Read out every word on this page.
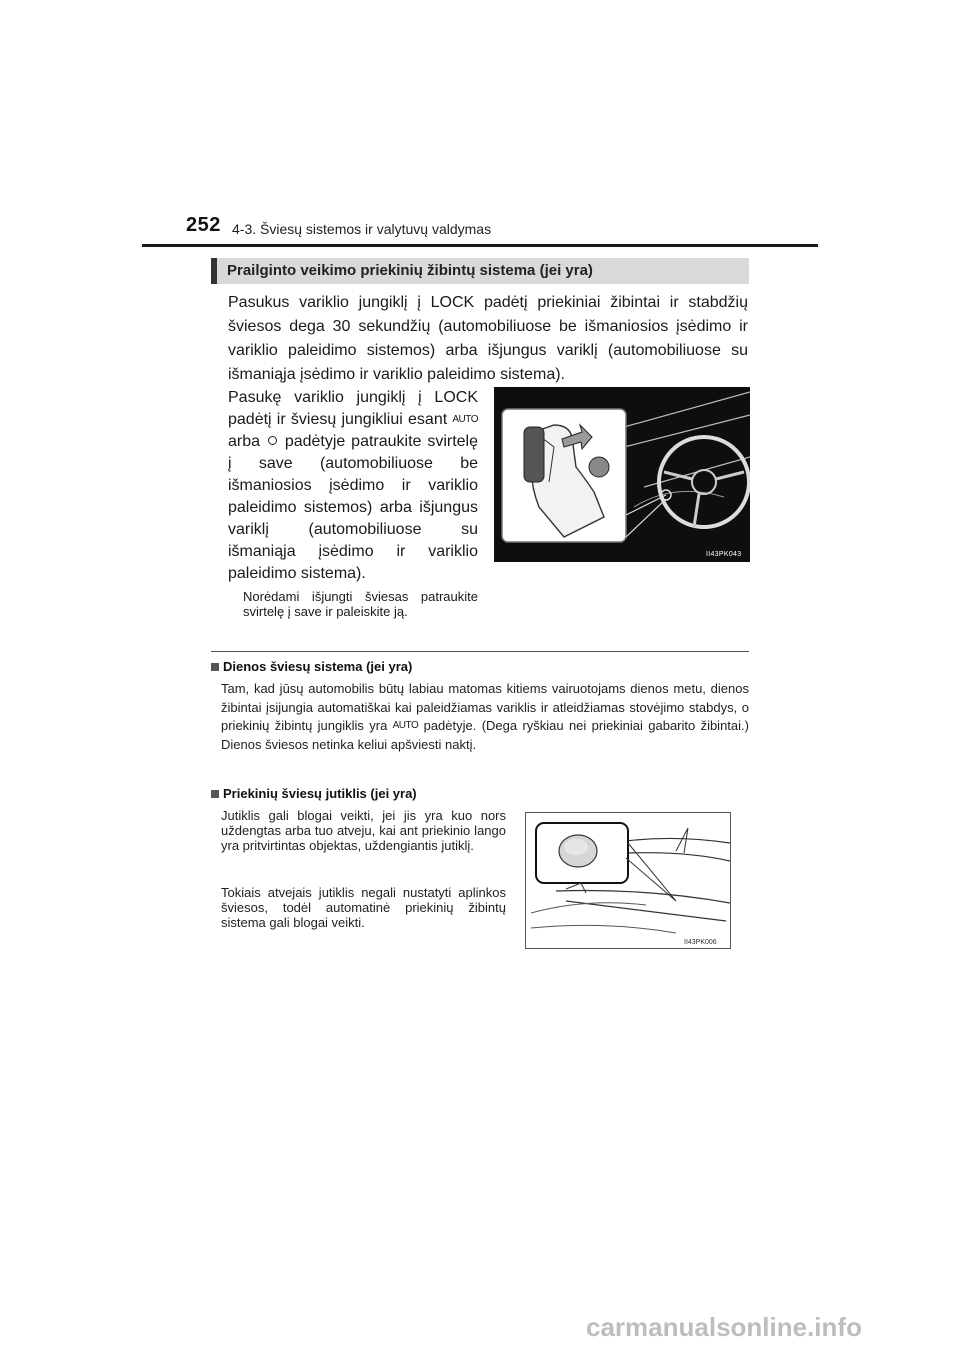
252 4-3. Šviesų sistemos ir valytuvų valdymas
Prailginto veikimo priekinių žibintų sistema (jei yra)
Pasukus variklio jungiklį į LOCK padėtį priekiniai žibintai ir stabdžių šviesos dega 30 sekundžių (automobiliuose be išmaniosios įsėdimo ir variklio paleidimo sistemos) arba išjungus variklį (automobiliuose su išmaniąja įsėdimo ir variklio paleidimo sistema).
Pasukę variklio jungiklį į LOCK padėtį ir šviesų jungikliui esant AUTO arba padėtyje patraukite svirtelę į save (automobiliuose be išmaniosios įsėdimo ir variklio paleidimo sistemos) arba išjungus variklį (automobiliuose su išmaniąja įsėdimo ir variklio paleidimo sistema).
Norėdami išjungti šviesas patraukite svirtelę į save ir paleiskite ją.
II43PK043
Dienos šviesų sistema (jei yra)
Tam, kad jūsų automobilis būtų labiau matomas kitiems vairuotojams dienos metu, dienos žibintai įsijungia automatiškai kai paleidžiamas variklis ir atleidžiamas stovėjimo stabdys, o priekinių žibintų jungiklis yra AUTO padėtyje. (Dega ryškiau nei priekiniai gabarito žibintai.) Dienos šviesos netinka keliui apšviesti naktį.
Priekinių šviesų jutiklis (jei yra)
Jutiklis gali blogai veikti, jei jis yra kuo nors uždengtas arba tuo atveju, kai ant priekinio lango yra pritvirtintas objektas, uždengiantis jutiklį.
Tokiais atvejais jutiklis negali nustatyti aplinkos šviesos, todėl automatinė priekinių žibintų sistema gali blogai veikti.
II43PK006
carmanualsonline.info
